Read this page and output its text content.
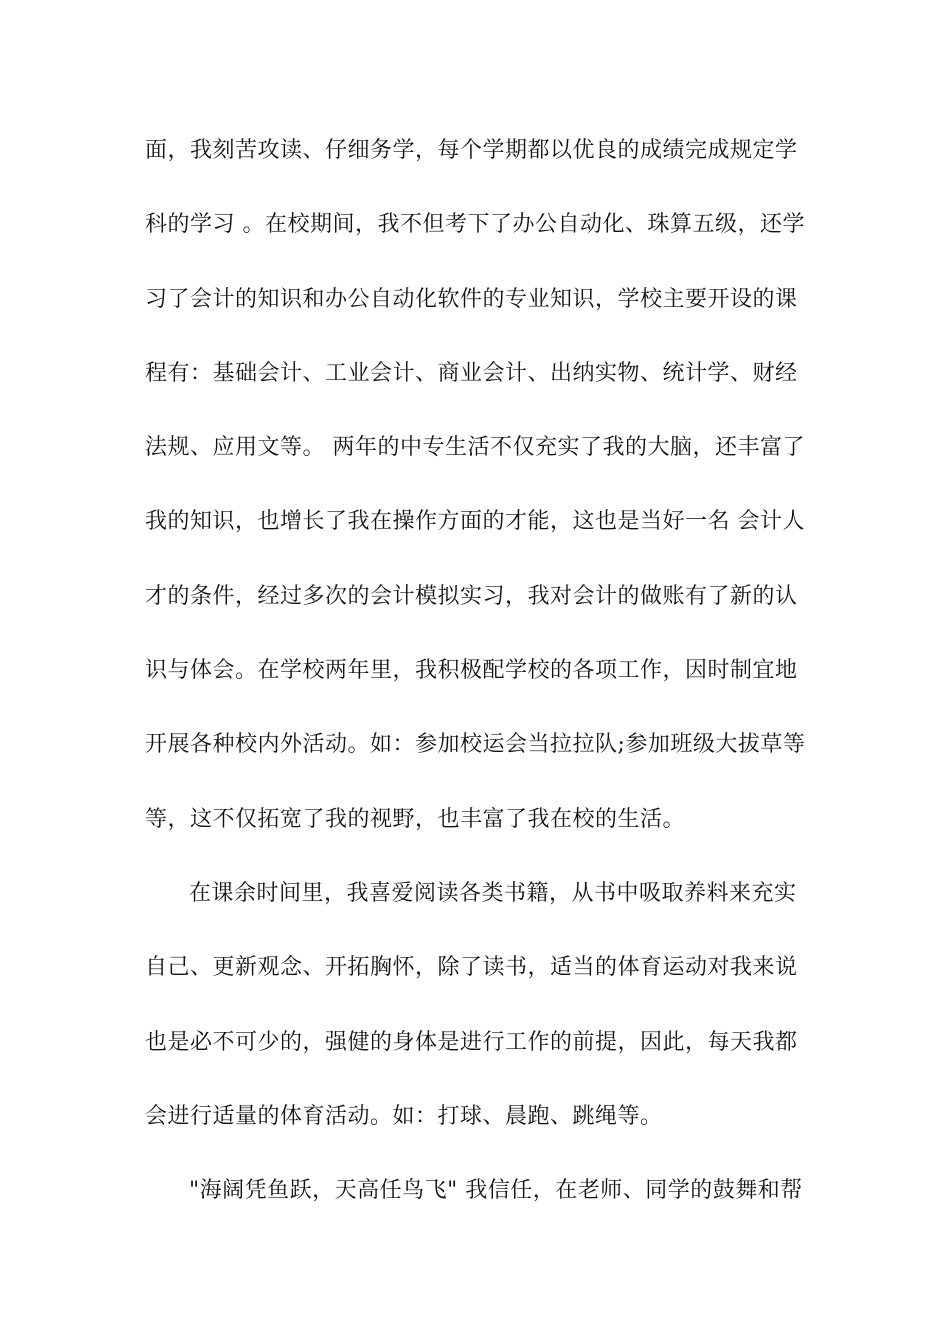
面，我刻苦攻读、仔细务学，每个学期都以优良的成绩完成规定学
科的学习 。在校期间，我不但考下了办公自动化、珠算五级，还学
习了会计的知识和办公自动化软件的专业知识，学校主要开设的课
程有：基础会计、工业会计、商业会计、出纳实物、统计学、财经
法规、应用文等。 两年的中专生活不仅充实了我的大脑，还丰富了
我的知识，也增长了我在操作方面的才能，这也是当好一名 会计人
才的条件，经过多次的会计模拟实习，我对会计的做账有了新的认
识与体会。在学校两年里，我积极配学校的各项工作，因时制宜地
开展各种校内外活动。如：参加校运会当拉拉队;参加班级大拔草等
等，这不仅拓宽了我的视野，也丰富了我在校的生活。
在课余时间里，我喜爱阅读各类书籍，从书中吸取养料来充实
自己、更新观念、开拓胸怀，除了读书，适当的体育运动对我来说
也是必不可少的，强健的身体是进行工作的前提，因此，每天我都
会进行适量的体育活动。如：打球、晨跑、跳绳等。
"海阔凭鱼跃，天高任鸟飞" 我信任，在老师、同学的鼓舞和帮
